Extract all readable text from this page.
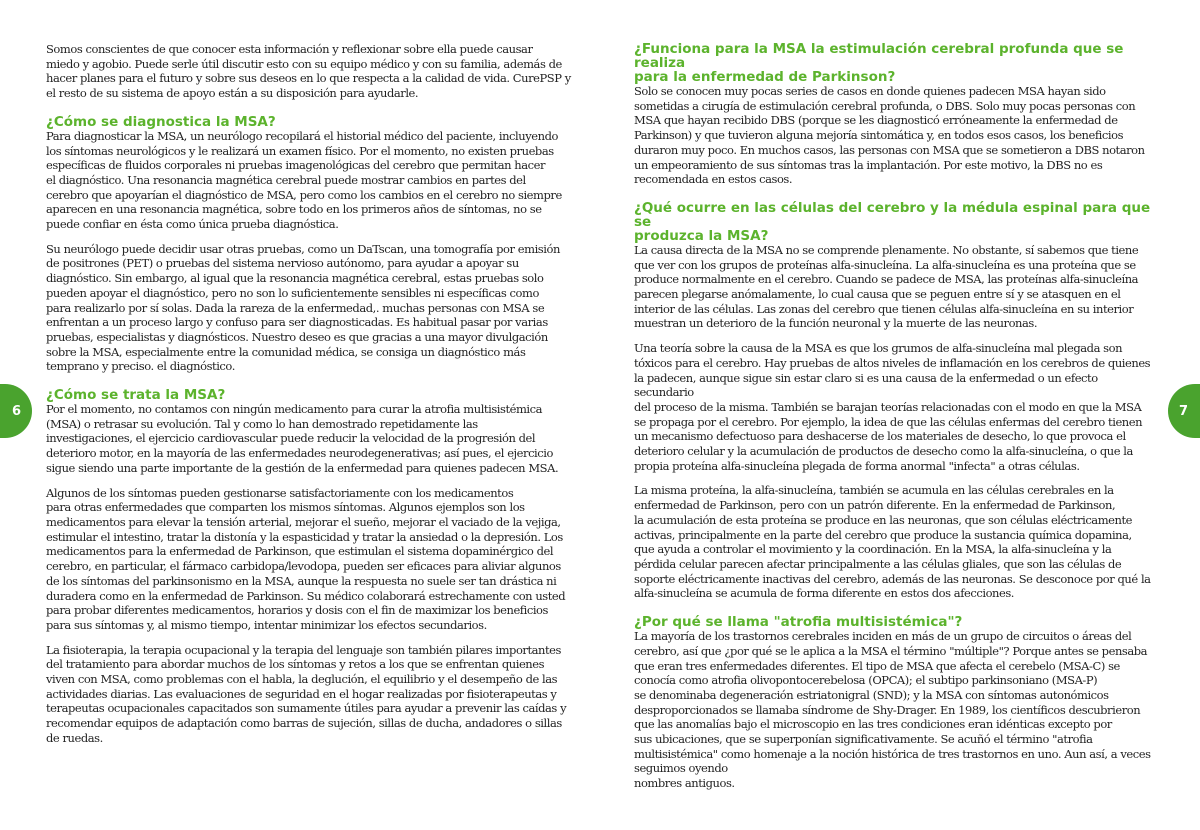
Somos conscientes de que conocer esta información y reflexionar sobre ella puede causar
miedo y agobio. Puede serle útil discutir esto con su equipo médico y con su familia, además de
hacer planes para el futuro y sobre sus deseos en lo que respecta a la calidad de vida. CurePSP y
el resto de su sistema de apoyo están a su disposición para ayudarle.

¿Cómo se diagnostica la MSA?

Para diagnosticar la MSA, un neurólogo recopilará el historial médico del paciente, incluyendo
los síntomas neurológicos y le realizará un examen físico. Por el momento, no existen pruebas
específicas de fluidos corporales ni pruebas imagenológicas del cerebro que permitan hacer
el diagnóstico. Una resonancia magnética cerebral puede mostrar cambios en partes del
cerebro que apoyarían el diagnóstico de MSA, pero como los cambios en el cerebro no siempre
aparecen en una resonancia magnética, sobre todo en los primeros años de síntomas, no se
puede confiar en ésta como única prueba diagnóstica.

Su neurólogo puede decidir usar otras pruebas, como un DaTscan, una tomografía por emisión
de positrones (PET) o pruebas del sistema nervioso autónomo, para ayudar a apoyar su
diagnóstico. Sin embargo, al igual que la resonancia magnética cerebral, estas pruebas solo
pueden apoyar el diagnóstico, pero no son lo suficientemente sensibles ni específicas como
para realizarlo por sí solas. Dada la rareza de la enfermedad,. muchas personas con MSA se
enfrentan a un proceso largo y confuso para ser diagnosticadas. Es habitual pasar por varias
pruebas, especialistas y diagnósticos. Nuestro deseo es que gracias a una mayor divulgación
sobre la MSA, especialmente entre la comunidad médica, se consiga un diagnóstico más
temprano y preciso. el diagnóstico.

¿Cómo se trata la MSA?

Por el momento, no contamos con ningún medicamento para curar la atrofia multisistémica
(MSA) o retrasar su evolución. Tal y como lo han demostrado repetidamente las
investigaciones, el ejercicio cardiovascular puede reducir la velocidad de la progresión del
deterioro motor, en la mayoría de las enfermedades neurodegenerativas; así pues, el ejercicio
sigue siendo una parte importante de la gestión de la enfermedad para quienes padecen MSA.

Algunos de los síntomas pueden gestionarse satisfactoriamente con los medicamentos
para otras enfermedades que comparten los mismos síntomas. Algunos ejemplos son los
medicamentos para elevar la tensión arterial, mejorar el sueño, mejorar el vaciado de la vejiga,
estimular el intestino, tratar la distonía y la espasticidad y tratar la ansiedad o la depresión. Los
medicamentos para la enfermedad de Parkinson, que estimulan el sistema dopaminérgico del
cerebro, en particular, el fármaco carbidopa/levodopa, pueden ser eficaces para aliviar algunos
de los síntomas del parkinsonismo en la MSA, aunque la respuesta no suele ser tan drástica ni
duradera como en la enfermedad de Parkinson. Su médico colaborará estrechamente con usted
para probar diferentes medicamentos, horarios y dosis con el fin de maximizar los beneficios
para sus síntomas y, al mismo tiempo, intentar minimizar los efectos secundarios.

La fisioterapia, la terapia ocupacional y la terapia del lenguaje son también pilares importantes
del tratamiento para abordar muchos de los síntomas y retos a los que se enfrentan quienes
viven con MSA, como problemas con el habla, la deglución, el equilibrio y el desempeño de las
actividades diarias. Las evaluaciones de seguridad en el hogar realizadas por fisioterapeutas y
terapeutas ocupacionales capacitados son sumamente útiles para ayudar a prevenir las caídas y
recomendar equipos de adaptación como barras de sujeción, sillas de ducha, andadores o sillas
de ruedas.

¿Funciona para la MSA la estimulación cerebral profunda que se realiza
para la enfermedad de Parkinson?

Solo se conocen muy pocas series de casos en donde quienes padecen MSA hayan sido
sometidas a cirugía de estimulación cerebral profunda, o DBS. Solo muy pocas personas con
MSA que hayan recibido DBS (porque se les diagnosticó erróneamente la enfermedad de
Parkinson) y que tuvieron alguna mejoría sintomática y, en todos esos casos, los beneficios
duraron muy poco. En muchos casos, las personas con MSA que se sometieron a DBS notaron
un empeoramiento de sus síntomas tras la implantación. Por este motivo, la DBS no es
recomendada en estos casos.

¿Qué ocurre en las células del cerebro y la médula espinal para que se
produzca la MSA?

La causa directa de la MSA no se comprende plenamente. No obstante, sí sabemos que tiene
que ver con los grupos de proteínas alfa-sinucleína. La alfa-sinucleína es una proteína que se
produce normalmente en el cerebro. Cuando se padece de MSA, las proteínas alfa-sinucleína
parecen plegarse anómalamente, lo cual causa que se peguen entre sí y se atasquen en el
interior de las células. Las zonas del cerebro que tienen células alfa-sinucleína en su interior
muestran un deterioro de la función neuronal y la muerte de las neuronas.

Una teoría sobre la causa de la MSA es que los grumos de alfa-sinucleína mal plegada son
tóxicos para el cerebro. Hay pruebas de altos niveles de inflamación en los cerebros de quienes
la padecen, aunque sigue sin estar claro si es una causa de la enfermedad o un efecto secundario
del proceso de la misma. También se barajan teorías relacionadas con el modo en que la MSA
se propaga por el cerebro. Por ejemplo, la idea de que las células enfermas del cerebro tienen
un mecanismo defectuoso para deshacerse de los materiales de desecho, lo que provoca el
deterioro celular y la acumulación de productos de desecho como la alfa-sinucleína, o que la
propia proteína alfa-sinucleína plegada de forma anormal "infecta" a otras células.

La misma proteína, la alfa-sinucleína, también se acumula en las células cerebrales en la
enfermedad de Parkinson, pero con un patrón diferente. En la enfermedad de Parkinson,
la acumulación de esta proteína se produce en las neuronas, que son células eléctricamente
activas, principalmente en la parte del cerebro que produce la sustancia química dopamina,
que ayuda a controlar el movimiento y la coordinación. En la MSA, la alfa-sinucleína y la
pérdida celular parecen afectar principalmente a las células gliales, que son las células de
soporte eléctricamente inactivas del cerebro, además de las neuronas. Se desconoce por qué la
alfa-sinucleína se acumula de forma diferente en estos dos afecciones.

¿Por qué se llama "atrofia multisistémica"?

La mayoría de los trastornos cerebrales inciden en más de un grupo de circuitos o áreas del
cerebro, así que ¿por qué se le aplica a la MSA el término "múltiple"? Porque antes se pensaba
que eran tres enfermedades diferentes. El tipo de MSA que afecta el cerebelo (MSA-C) se
conocía como atrofia olivopontocerebelosa (OPCA); el subtipo parkinsoniano (MSA-P)
se denominaba degeneración estriatonigral (SND); y la MSA con síntomas autonómicos
desproporcionados se llamaba síndrome de Shy-Drager. En 1989, los científicos descubrieron
que las anomalías bajo el microscopio en las tres condiciones eran idénticas excepto por
sus ubicaciones, que se superponían significativamente. Se acuñó el término "atrofia
multisistémica" como homenaje a la noción histórica de tres trastornos en uno. Aun así, a veces
seguimos oyendo
nombres antiguos.

6	7
